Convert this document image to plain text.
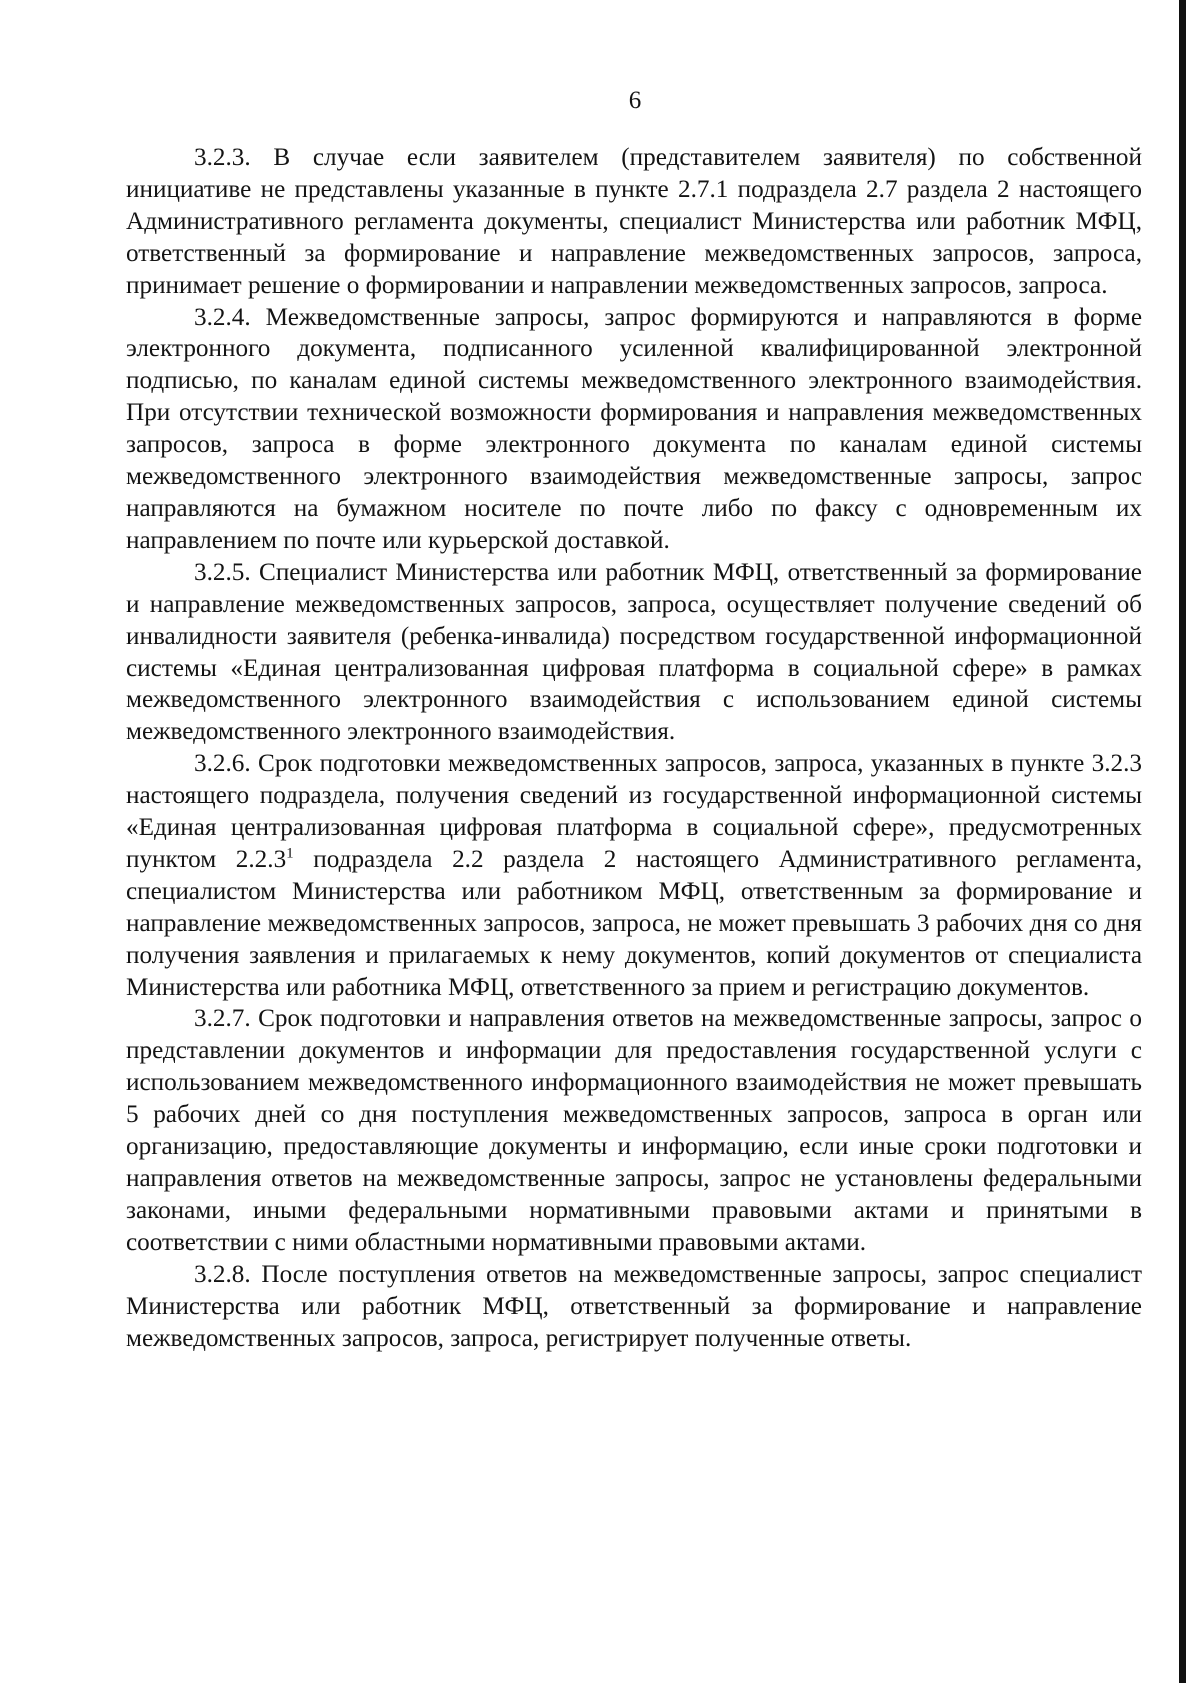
6

3.2.3. В случае если заявителем (представителем заявителя) по собственной инициативе не представлены указанные в пункте 2.7.1 подраздела 2.7 раздела 2 настоящего Административного регламента документы, специалист Министерства или работник МФЦ, ответственный за формирование и направление межведомственных запросов, запроса, принимает решение о формировании и направлении межведомственных запросов, запроса.

3.2.4. Межведомственные запросы, запрос формируются и направляются в форме электронного документа, подписанного усиленной квалифицированной электронной подписью, по каналам единой системы межведомственного электронного взаимодействия. При отсутствии технической возможности формирования и направления межведомственных запросов, запроса в форме электронного документа по каналам единой системы межведомственного электронного взаимодействия межведомственные запросы, запрос направляются на бумажном носителе по почте либо по факсу с одновременным их направлением по почте или курьерской доставкой.

3.2.5. Специалист Министерства или работник МФЦ, ответственный за формирование и направление межведомственных запросов, запроса, осуществляет получение сведений об инвалидности заявителя (ребенка-инвалида) посредством государственной информационной системы «Единая централизованная цифровая платформа в социальной сфере» в рамках межведомственного электронного взаимодействия с использованием единой системы межведомственного электронного взаимодействия.

3.2.6. Срок подготовки межведомственных запросов, запроса, указанных в пункте 3.2.3 настоящего подраздела, получения сведений из государственной информационной системы «Единая централизованная цифровая платформа в социальной сфере», предусмотренных пунктом 2.2.3$^1$ подраздела 2.2 раздела 2 настоящего Административного регламента, специалистом Министерства или работником МФЦ, ответственным за формирование и направление межведомственных запросов, запроса, не может превышать 3 рабочих дня со дня получения заявления и прилагаемых к нему документов, копий документов от специалиста Министерства или работника МФЦ, ответственного за прием и регистрацию документов.

3.2.7. Срок подготовки и направления ответов на межведомственные запросы, запрос о представлении документов и информации для предоставления государственной услуги с использованием межведомственного информационного взаимодействия не может превышать 5 рабочих дней со дня поступления межведомственных запросов, запроса в орган или организацию, предоставляющие документы и информацию, если иные сроки подготовки и направления ответов на межведомственные запросы, запрос не установлены федеральными законами, иными федеральными нормативными правовыми актами и принятыми в соответствии с ними областными нормативными правовыми актами.

3.2.8. После поступления ответов на межведомственные запросы, запрос специалист Министерства или работник МФЦ, ответственный за формирование и направление межведомственных запросов, запроса, регистрирует полученные ответы.
